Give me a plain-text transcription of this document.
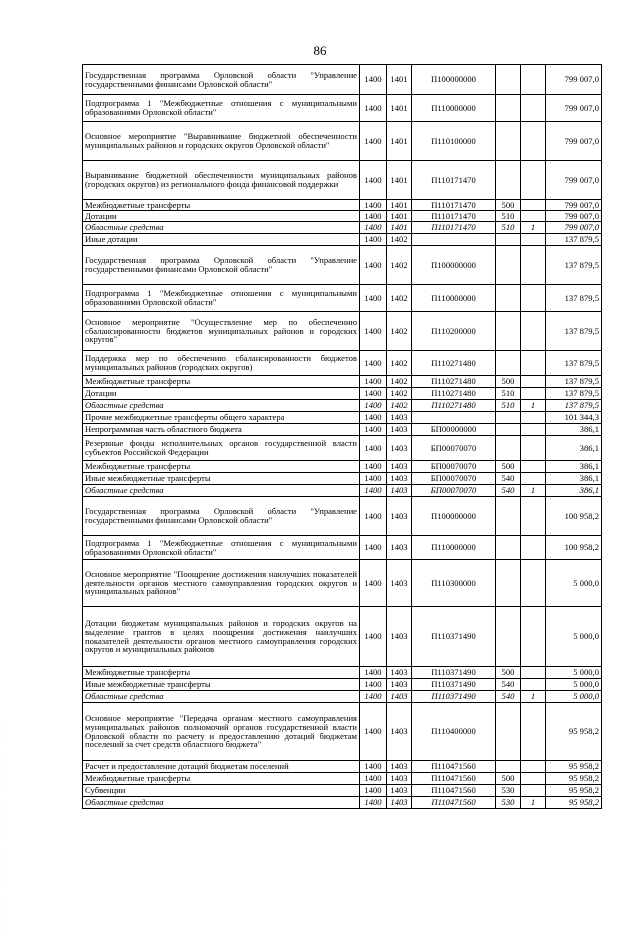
86
Государственная программа Орловской области "Управление государственными финансами Орловской области"	1400	1401	П100000000			799 007,0
Подпрограмма 1 "Межбюджетные отношения с муниципальными образованиями Орловской области"	1400	1401	П110000000			799 007,0
Основное мероприятие "Выравнивание бюджетной обеспеченности муниципальных районов и городских округов Орловской области"	1400	1401	П110100000			799 007,0
Выравнивание бюджетной обеспеченности муниципальных районов (городских округов) из регионального фонда финансовой поддержки	1400	1401	П110171470			799 007,0
Межбюджетные трансферты	1400	1401	П110171470	500		799 007,0
Дотации	1400	1401	П110171470	510		799 007,0
Областные средства	1400	1401	П110171470	510	1	799 007,0
Иные дотации	1400	1402				137 879,5
Государственная программа Орловской области "Управление государственными финансами Орловской области"	1400	1402	П100000000			137 879,5
Подпрограмма 1 "Межбюджетные отношения с муниципальными образованиями Орловской области"	1400	1402	П110000000			137 879,5
Основное мероприятие "Осуществление мер по обеспечению сбалансированности бюджетов муниципальных районов и городских округов"	1400	1402	П110200000			137 879,5
Поддержка мер по обеспечению сбалансированности бюджетов муниципальных районов (городских округов)	1400	1402	П110271480			137 879,5
Межбюджетные трансферты	1400	1402	П110271480	500		137 879,5
Дотации	1400	1402	П110271480	510		137 879,5
Областные средства	1400	1402	П110271480	510	1	137 879,5
Прочие межбюджетные трансферты общего характера	1400	1403				101 344,3
Непрограммная часть областного бюджета	1400	1403	БП00000000			386,1
Резервные фонды исполнительных органов государственной власти субъектов Российской Федерации	1400	1403	БП00070070			386,1
Межбюджетные трансферты	1400	1403	БП00070070	500		386,1
Иные межбюджетные трансферты	1400	1403	БП00070070	540		386,1
Областные средства	1400	1403	БП00070070	540	1	386,1
Государственная программа Орловской области "Управление государственными финансами Орловской области"	1400	1403	П100000000			100 958,2
Подпрограмма 1 "Межбюджетные отношения с муниципальными образованиями Орловской области"	1400	1403	П110000000			100 958,2
Основное мероприятие "Поощрение достижения наилучших показателей деятельности органов местного самоуправления городских округов и муниципальных районов"	1400	1403	П110300000			5 000,0
Дотации бюджетам муниципальных районов и городских округов на выделение грантов в целях поощрения достижения наилучших показателей деятельности органов местного самоуправления городских округов и муниципальных районов	1400	1403	П110371490			5 000,0
Межбюджетные трансферты	1400	1403	П110371490	500		5 000,0
Иные межбюджетные трансферты	1400	1403	П110371490	540		5 000,0
Областные средства	1400	1403	П110371490	540	1	5 000,0
Основное мероприятие "Передача органам местного самоуправления муниципальных районов полномочий органов государственной власти Орловской области по расчету и предоставлению дотаций бюджетам поселений за счет средств областного бюджета"	1400	1403	П110400000			95 958,2
Расчет и предоставление дотаций бюджетам поселений	1400	1403	П110471560			95 958,2
Межбюджетные трансферты	1400	1403	П110471560	500		95 958,2
Субвенции	1400	1403	П110471560	530		95 958,2
Областные средства	1400	1403	П110471560	530	1	95 958,2
·
·
·
·
·
·
·
·
·
·
·
·
·
·
·
·
·
·
·
·
·
·
·
